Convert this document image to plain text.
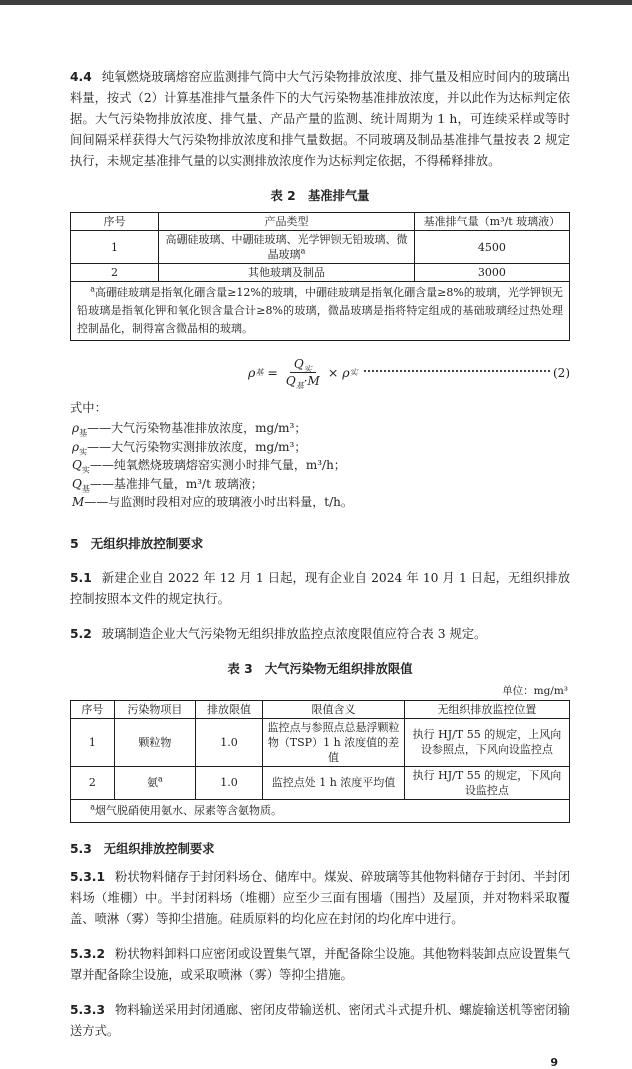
4.4 纯氧燃烧玻璃熔窑应监测排气筒中大气污染物排放浓度、排气量及相应时间内的玻璃出料量，按式（2）计算基准排气量条件下的大气污染物基准排放浓度，并以此作为达标判定依据。大气污染物排放浓度、排气量、产品产量的监测、统计周期为 1 h，可连续采样或等时间间隔采样获得大气污染物排放浓度和排气量数据。不同玻璃及制品基准排气量按表 2 规定执行，未规定基准排气量的以实测排放浓度作为达标判定依据，不得稀释排放。

表 2　基准排气量
序号	产品类型	基准排气量（m³/t 玻璃液）
1	高硼硅玻璃、中硼硅玻璃、光学钾钡无铅玻璃、微晶玻璃$^a$	4500
2	其他玻璃及制品	3000

$^a$高硼硅玻璃是指氧化硼含量≥12%的玻璃，中硼硅玻璃是指氧化硼含量≥8%的玻璃，光学钾钡无铅玻璃是指氧化钾和氧化钡含量合计≥8%的玻璃，微晶玻璃是指将特定组成的基础玻璃经过热处理控制晶化，制得富含微晶相的玻璃。		

ρ 基 = $\frac{Q_实}{Q_基\cdot M} \times \rho$ 实	(2)

式中：

$\rho_基——$大气污染物基准排放浓度，mg/m³；
$\rho_实——$大气污染物实测排放浓度，mg/m³；
$Q_实——$纯氧燃烧玻璃熔窑实测小时排气量，m³/h；
$Q_基——$基准排气量，m³/t 玻璃液；
M——与监测时段相对应的玻璃液小时出料量，t/h。
5 无组织排放控制要求

5.1 新建企业自 2022 年 12 月 1 日起，现有企业自 2024 年 10 月 1 日起，无组织排放控制按照本文件的规定执行。

5.2 玻璃制造企业大气污染物无组织排放监控点浓度限值应符合表 3 规定。

表 3　大气污染物无组织排放限值
单位：mg/m³
序号	污染物项目	排放限值	限值含义	无组织排放监控位置
1	颗粒物	1.0	监控点与参照点总悬浮颗粒物（TSP）1 h 浓度值的差值	执行 HJ/T 55 的规定，上风向设参照点，下风向设监控点
2	氨$^a$	1.0	监控点处 1 h 浓度平均值	执行 HJ/T 55 的规定，下风向设监控点

$^a$烟气脱硝使用氨水、尿素等含氨物质。				

5.3 无组织排放控制要求

5.3.1 粉状物料储存于封闭料场仓、储库中。煤炭、碎玻璃等其他物料储存于封闭、半封闭料场（堆棚）中。半封闭料场（堆棚）应至少三面有围墙（围挡）及屋顶，并对物料采取覆盖、喷淋（雾）等抑尘措施。硅质原料的均化应在封闭的均化库中进行。

5.3.2 粉状物料卸料口应密闭或设置集气罩，并配备除尘设施。其他物料装卸点应设置集气罩并配备除尘设施，或采取喷淋（雾）等抑尘措施。

5.3.3 物料输送采用封闭通廊、密闭皮带输送机、密闭式斗式提升机、螺旋输送机等密闭输送方式。

9
